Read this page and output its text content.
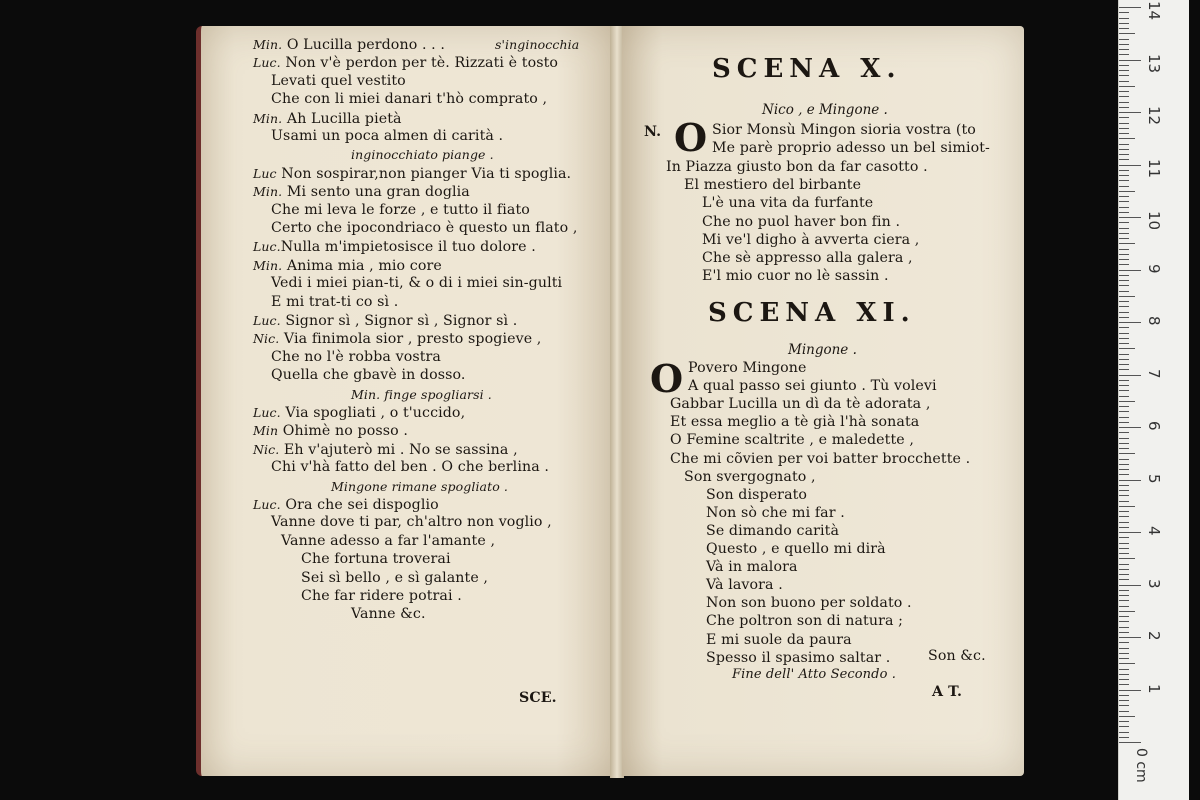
Min. O Lucilla perdono . . .	s'inginocchia
Luc. Non v'è perdon per tè. Rizzati è tosto
Levati quel vestito
Che con li miei danari t'hò comprato ,
Min. Ah Lucilla pietà
Usami un poca almen di carità .
inginocchiato piange .
Luc Non sospirar,non pianger Via ti spoglia.
Min. Mi sento una gran doglia
Che mi leva le forze , e tutto il fiato
Certo che ipocondriaco è questo un flato ,
Luc.Nulla m'impietosisce il tuo dolore .
Min. Anima mia , mio core
Vedi i miei pian-ti, & o di i miei sin-gulti
E mi trat-ti co sì .
Luc. Signor sì , Signor sì , Signor sì .
Nic. Via finimola sior , presto spogieve ,
Che no l'è robba vostra
Quella che gbavè in dosso.
Min. finge spogliarsi .
Luc. Via spogliati , o t'uccido,
Min Ohimè no posso .
Nic. Eh v'ajuterò mi . No se sassina ,
Chi v'hà fatto del ben . O che berlina .
Mingone rimane spogliato .
Luc. Ora che sei dispoglio
Vanne dove ti par, ch'altro non voglio ,
Vanne adesso a far l'amante ,
Che fortuna troverai
Sei sì bello , e sì galante ,
Che far ridere potrai .
Vanne &c.
SCE.
SCENA X.
Nico , e Mingone .
N. O Sior Monsù Mingon sioria vostra (to
Me parè proprio adesso un bel simiot-
In Piazza giusto bon da far casotto .
El mestiero del birbante
L'è una vita da furfante
Che no puol haver bon fin .
Mi ve'l digho à avverta ciera ,
Che sè appresso alla galera ,
E'l mio cuor no lè sassin .
SCENA XI.
Mingone .
O Povero Mingone
A qual passo sei giunto . Tù volevi
Gabbar Lucilla un dì da tè adorata ,
Et essa meglio a tè già l'hà sonata
O Femine scaltrite , e maledette ,
Che mi cõvien per voi batter brocchette .
Son svergognato ,
Son disperato
Non sò che mi far .
Se dimando carità
Questo , e quello mi dirà
Và in malora
Và lavora .
Non son buono per soldato .
Che poltron son di natura ;
E mi suole da paura
Spesso il spasimo saltar .	Son &c.
Fine dell' Atto Secondo .
A T.
0 cm
1
2
3
4
5
6
7
8
9
10
11
12
13
14
